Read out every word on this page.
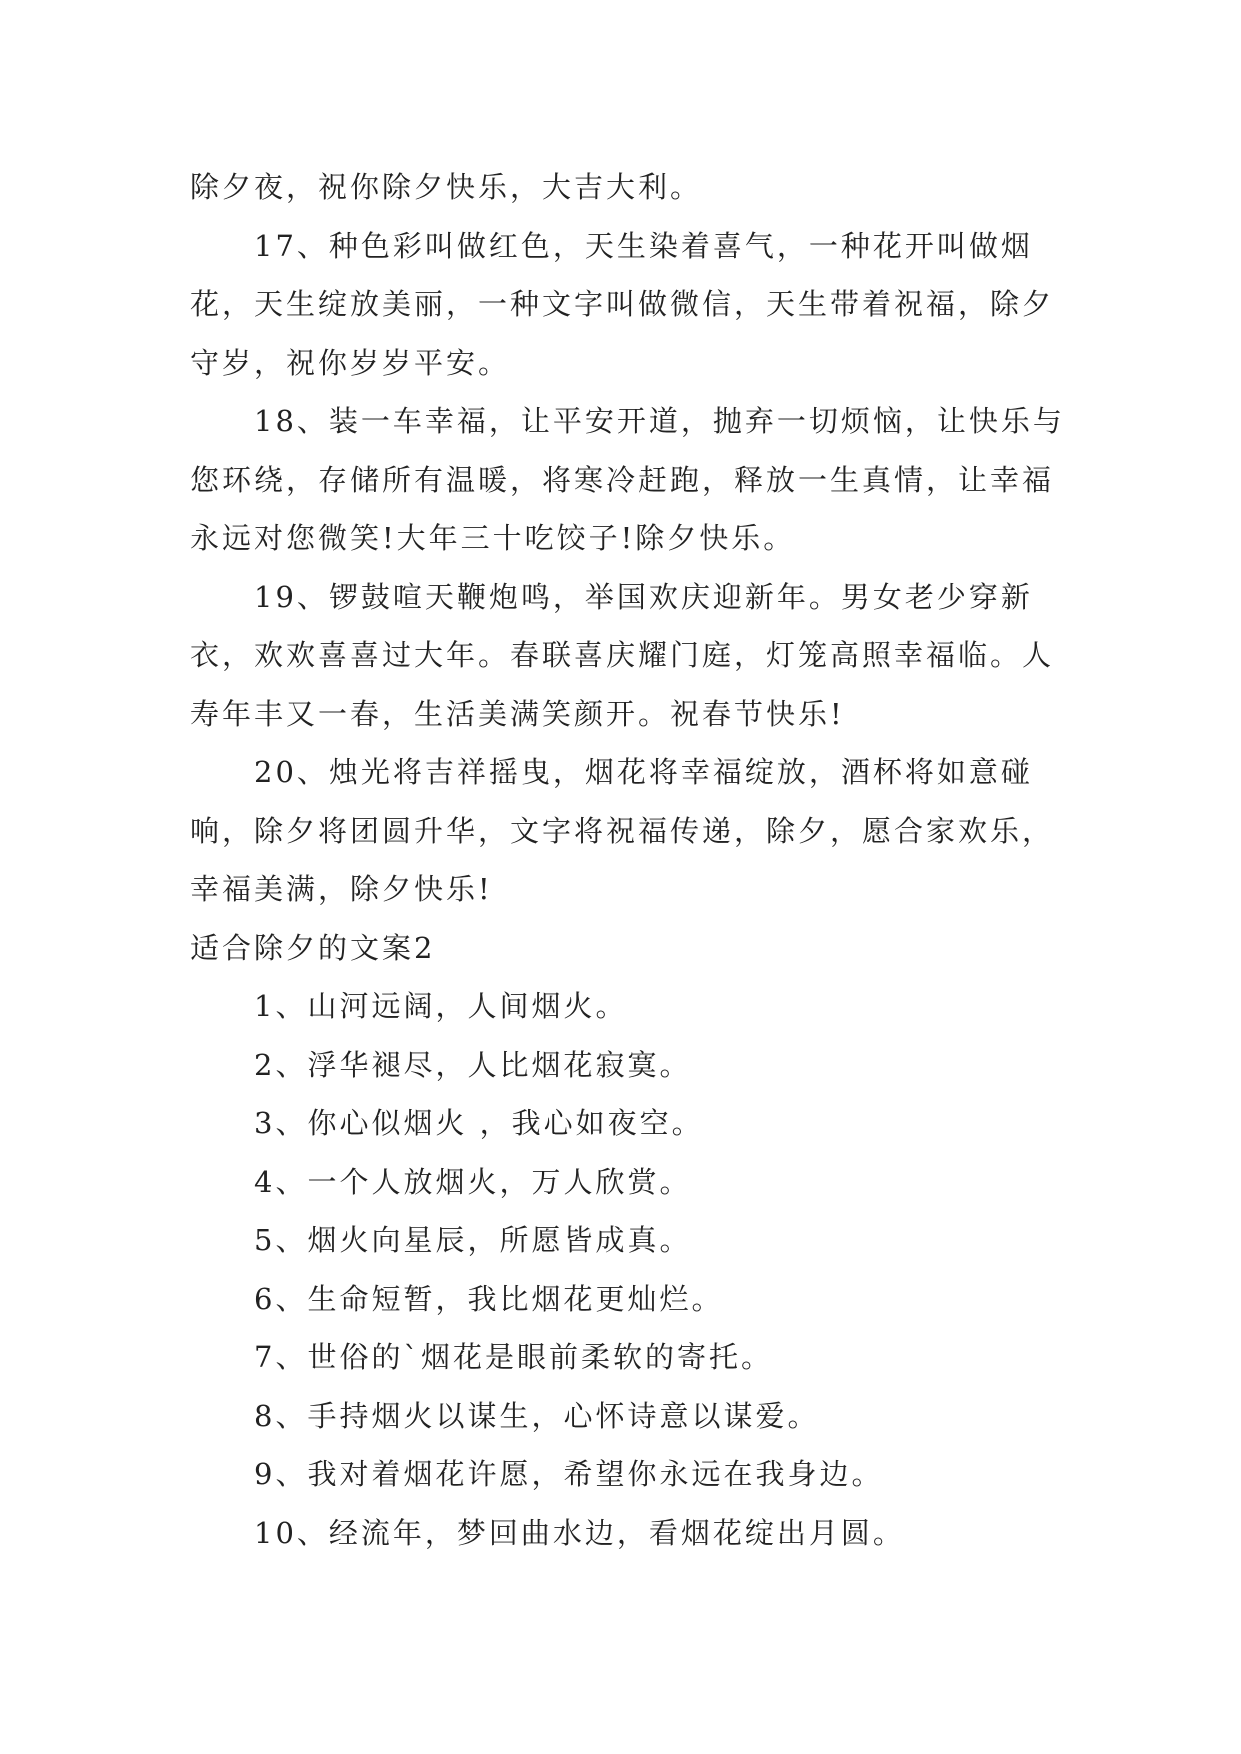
除夕夜，祝你除夕快乐，大吉大利。

17、种色彩叫做红色，天生染着喜气，一种花开叫做烟花，天生绽放美丽，一种文字叫做微信，天生带着祝福，除夕守岁，祝你岁岁平安。

18、装一车幸福，让平安开道，抛弃一切烦恼，让快乐与您环绕，存储所有温暖，将寒冷赶跑，释放一生真情，让幸福永远对您微笑!大年三十吃饺子!除夕快乐。

19、锣鼓喧天鞭炮鸣，举国欢庆迎新年。男女老少穿新衣，欢欢喜喜过大年。春联喜庆耀门庭，灯笼高照幸福临。人寿年丰又一春，生活美满笑颜开。祝春节快乐!

20、烛光将吉祥摇曳，烟花将幸福绽放，酒杯将如意碰响，除夕将团圆升华，文字将祝福传递，除夕，愿合家欢乐，幸福美满，除夕快乐!

适合除夕的文案2

1、山河远阔，人间烟火。

2、浮华褪尽，人比烟花寂寞。

3、你心似烟火 ，我心如夜空。

4、一个人放烟火，万人欣赏。

5、烟火向星辰，所愿皆成真。

6、生命短暂，我比烟花更灿烂。

7、世俗的`烟花是眼前柔软的寄托。

8、手持烟火以谋生，心怀诗意以谋爱。

9、我对着烟花许愿，希望你永远在我身边。

10、经流年，梦回曲水边，看烟花绽出月圆。
